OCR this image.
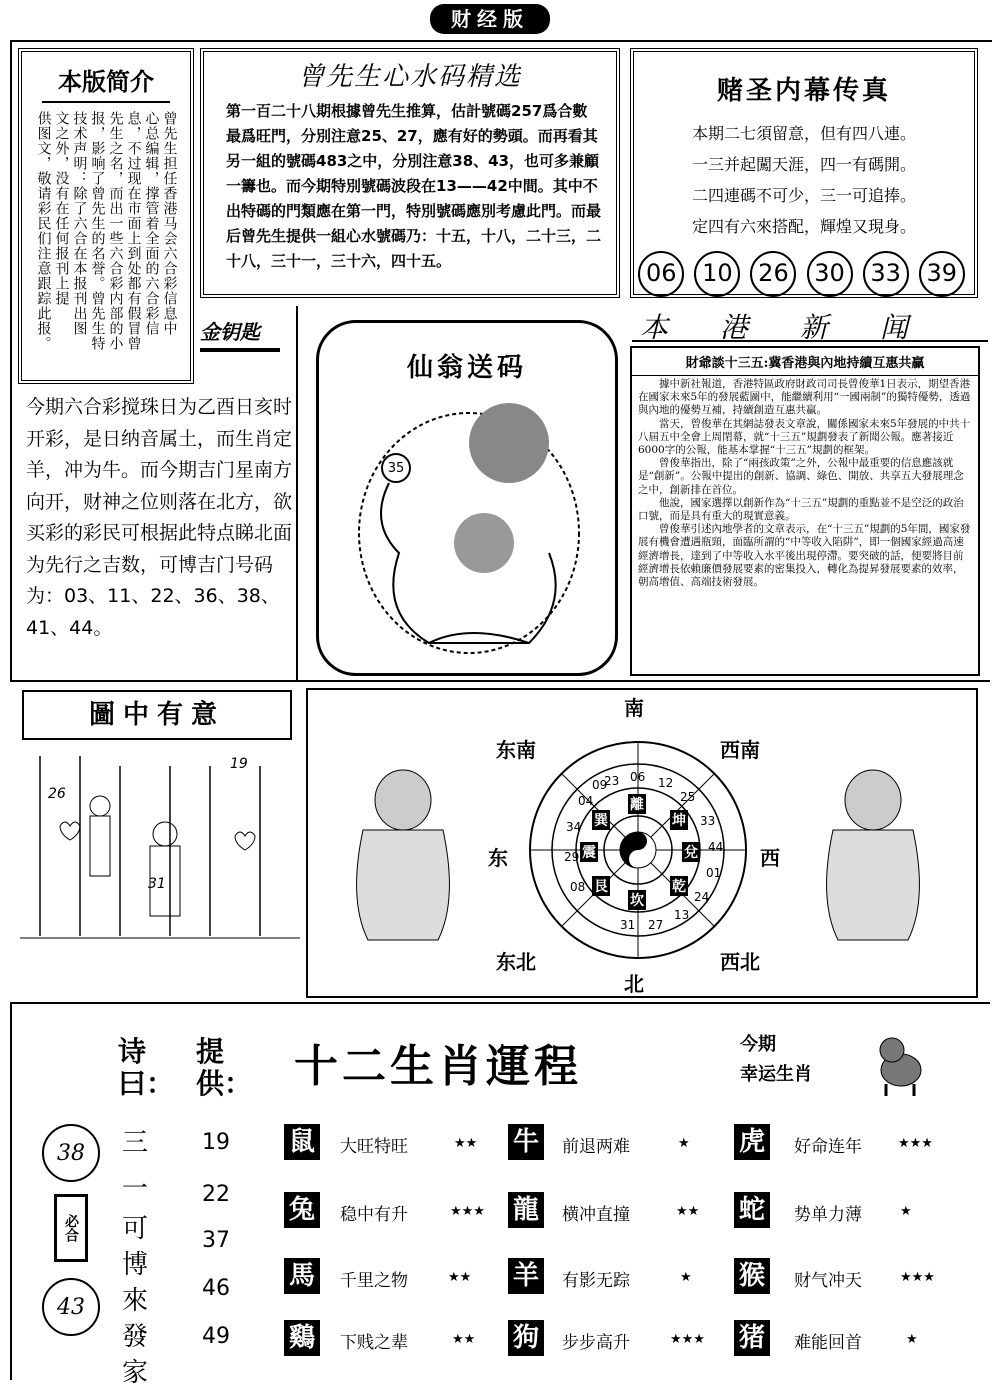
财经版
本版简介
曾先生担任香港马会六合彩信息中
心总编辑，撑管着全面的六合彩信
息，不过现在市面上到处都有假冒曾
先生之名，而出一些六合彩内部的小
报，影响了曾先生的名誉。曾先生特
技术声明：除了六合在本报刊出图
文之外，没有在任何报刊上提
供图文，敬请彩民们注意跟踪此报。
曾先生心水码精选
第一百二十八期根據曾先生推算，估計號碼257爲合數最爲旺門，分別注意25、27，應有好的勢頭。而再看其另一組的號碼483之中，分別注意38、43，也可多兼顧一籌也。而今期特別號碼波段在13——42中間。其中不出特碼的門類應在第一門，特別號碼應別考慮此門。而最后曾先生提供一組心水號碼乃：十五，十八，二十三，二十八，三十一，三十六，四十五。
赌圣内幕传真
本期二七須留意，但有四八連。
一三并起闖天涯，四一有碼開。
二四連碼不可少，三一可追捧。
定四有六來搭配，輝煌又現身。
06 10 26 30 33 39
金钥匙
今期六合彩搅珠日为乙酉日亥时开彩，是日纳音属土，而生肖定羊，冲为牛。而今期吉门星南方向开，财神之位则落在北方，欲买彩的彩民可根据此特点睇北面为先行之吉数，可博吉门号码为：03、11、22、36、38、41、44。
仙翁送码
35
本港新闻
財爺談十三五:冀香港與內地持續互惠共贏

據中新社報道，香港特區政府財政司司長曾俊華1日表示，期望香港在國家未來5年的發展藍圖中，能繼續利用“一國兩制”的獨特優勢，透過與內地的優勢互補，持續創造互惠共贏。

當天，曾俊華在其網誌發表文章說，關係國家未來5年發展的中共十八屆五中全會上周閉幕，就“十三五”規劃發表了新聞公報。應著接近6000字的公報，能基本掌握“十三五”規劃的框架。

曾俊華指出，除了“兩孩政策”之外，公報中最重要的信息應該就是“創新”。公報中提出的創新、協調、綠色、開放、共享五大發展理念之中，創新排在首位。

他說，國家選擇以創新作為“十三五”規劃的重點並不是空泛的政治口號，而是具有重大的現實意義。

曾俊華引述內地學者的文章表示，在“十三五”規劃的5年間，國家發展有機會遭遇瓶頸，面臨所謂的“中等收入陷阱”，即一個國家經過高速經濟增長，達到了中等收入水平後出現停滯。要突破的話，便要將目前經濟增長依賴廉價發展要素的密集投入，轉化為提昇發展要素的效率，朝高增值、高端技術發展。

圖中有意
26
31
19
南
东南	西南
东	西
东北	西北
北
離
坤
兌
乾
坎
艮
震
巽
23 06 12
25
33
44
01
24
13
27
31
08
29
34
04
09
诗曰：
提供：
三
一
可
博
來
發
家
19
22
37
46
49
38
必合
43
十二生肖運程	今期
幸运生肖
鼠 大旺特旺	★★ 牛 前退两难	★ 虎 好命连年	★★★
兔 稳中有升	★★★ 龍 横冲直撞	★★ 蛇 势单力薄	★
馬 千里之物	★★ 羊 有影无踪	★ 猴 财气冲天	★★★
鷄 下贱之辈	★★ 狗 步步高升	★★★ 猪 难能回首	★
